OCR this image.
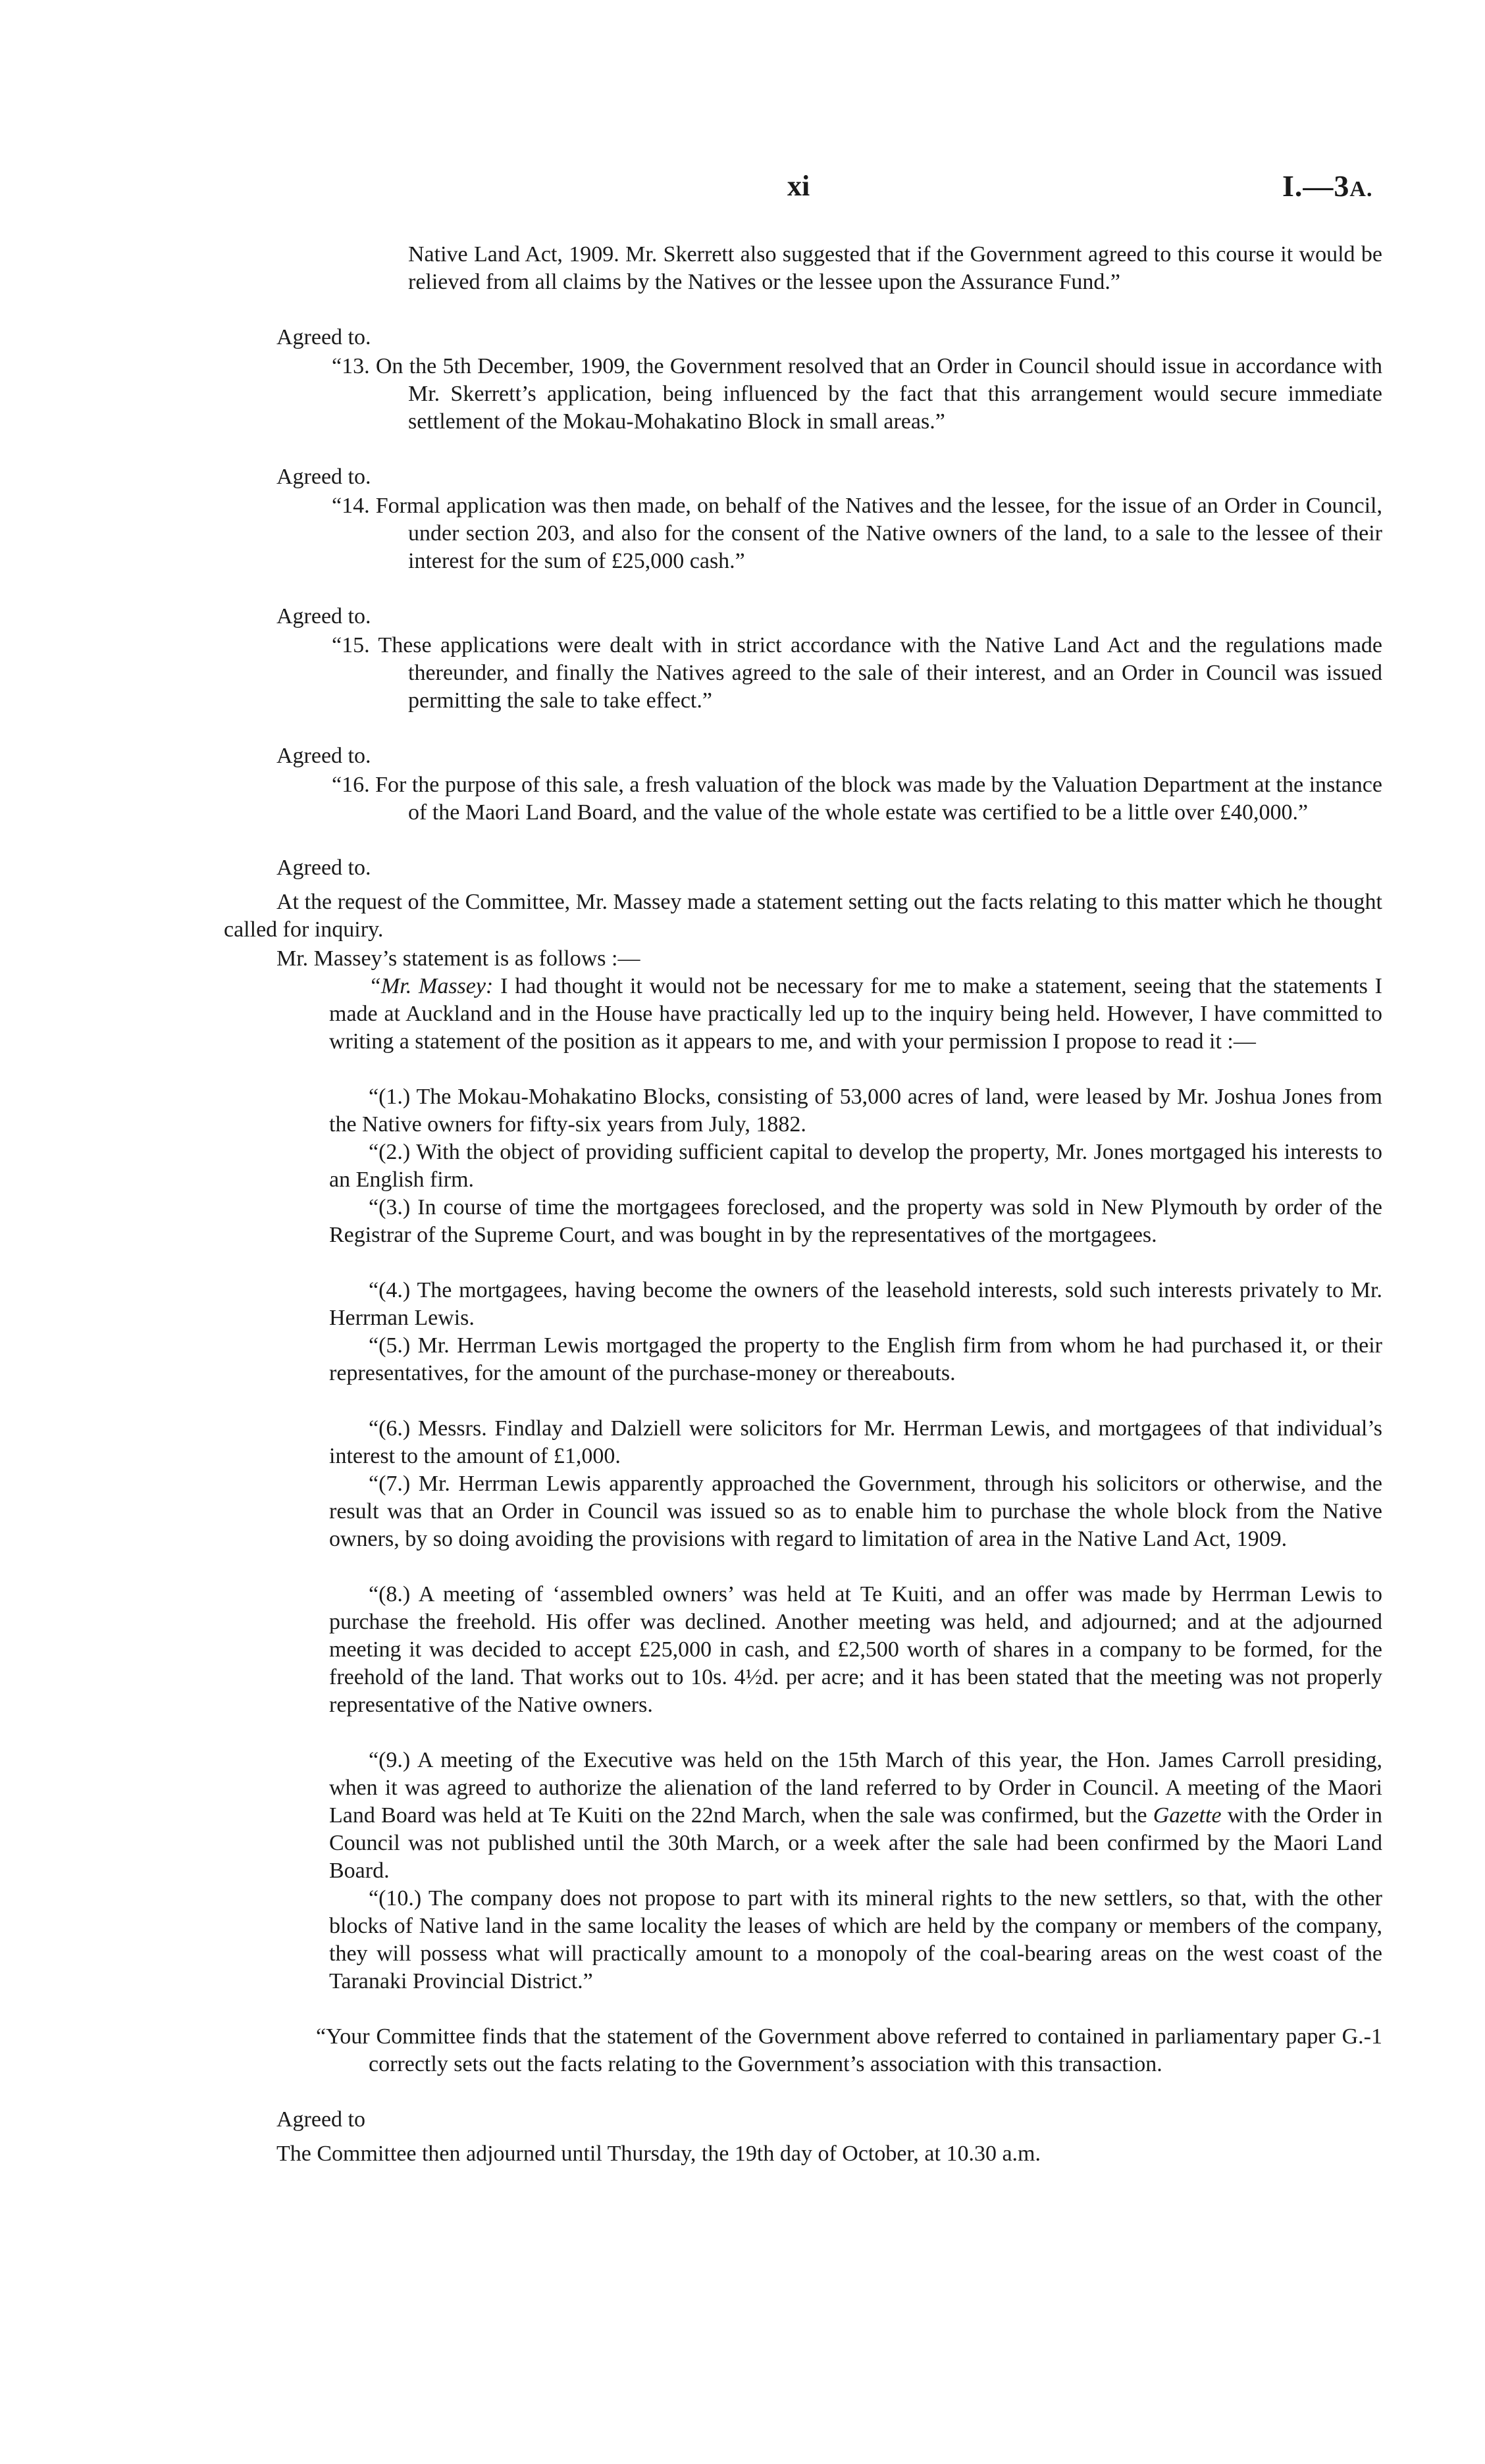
xi	I.—3A.
Native Land Act, 1909. Mr. Skerrett also suggested that if the Government agreed to this course it would be relieved from all claims by the Natives or the lessee upon the Assurance Fund.”
Agreed to.
“13. On the 5th December, 1909, the Government resolved that an Order in Council should issue in accordance with Mr. Skerrett’s application, being influenced by the fact that this arrangement would secure immediate settlement of the Mokau-Mohakatino Block in small areas.”
Agreed to.
“14. Formal application was then made, on behalf of the Natives and the lessee, for the issue of an Order in Council, under section 203, and also for the consent of the Native owners of the land, to a sale to the lessee of their interest for the sum of £25,000 cash.”
Agreed to.
“15. These applications were dealt with in strict accordance with the Native Land Act and the regulations made thereunder, and finally the Natives agreed to the sale of their interest, and an Order in Council was issued permitting the sale to take effect.”
Agreed to.
“16. For the purpose of this sale, a fresh valuation of the block was made by the Valuation Department at the instance of the Maori Land Board, and the value of the whole estate was certified to be a little over £40,000.”
Agreed to.
At the request of the Committee, Mr. Massey made a statement setting out the facts relating to this matter which he thought called for inquiry.
Mr. Massey’s statement is as follows :—
“Mr. Massey: I had thought it would not be necessary for me to make a statement, seeing that the statements I made at Auckland and in the House have practically led up to the inquiry being held. However, I have committed to writing a statement of the position as it appears to me, and with your permission I propose to read it :—
“(1.) The Mokau-Mohakatino Blocks, consisting of 53,000 acres of land, were leased by Mr. Joshua Jones from the Native owners for fifty-six years from July, 1882.
“(2.) With the object of providing sufficient capital to develop the property, Mr. Jones mortgaged his interests to an English firm.
“(3.) In course of time the mortgagees foreclosed, and the property was sold in New Plymouth by order of the Registrar of the Supreme Court, and was bought in by the representatives of the mortgagees.
“(4.) The mortgagees, having become the owners of the leasehold interests, sold such interests privately to Mr. Herrman Lewis.
“(5.) Mr. Herrman Lewis mortgaged the property to the English firm from whom he had purchased it, or their representatives, for the amount of the purchase-money or thereabouts.
“(6.) Messrs. Findlay and Dalziell were solicitors for Mr. Herrman Lewis, and mortgagees of that individual’s interest to the amount of £1,000.
“(7.) Mr. Herrman Lewis apparently approached the Government, through his solicitors or otherwise, and the result was that an Order in Council was issued so as to enable him to purchase the whole block from the Native owners, by so doing avoiding the provisions with regard to limitation of area in the Native Land Act, 1909.
“(8.) A meeting of ‘assembled owners’ was held at Te Kuiti, and an offer was made by Herrman Lewis to purchase the freehold. His offer was declined. Another meeting was held, and adjourned; and at the adjourned meeting it was decided to accept £25,000 in cash, and £2,500 worth of shares in a company to be formed, for the freehold of the land. That works out to 10s. 4½d. per acre; and it has been stated that the meeting was not properly representative of the Native owners.
“(9.) A meeting of the Executive was held on the 15th March of this year, the Hon. James Carroll presiding, when it was agreed to authorize the alienation of the land referred to by Order in Council. A meeting of the Maori Land Board was held at Te Kuiti on the 22nd March, when the sale was confirmed, but the Gazette with the Order in Council was not published until the 30th March, or a week after the sale had been confirmed by the Maori Land Board.
“(10.) The company does not propose to part with its mineral rights to the new settlers, so that, with the other blocks of Native land in the same locality the leases of which are held by the company or members of the company, they will possess what will practically amount to a monopoly of the coal-bearing areas on the west coast of the Taranaki Provincial District.”
“Your Committee finds that the statement of the Government above referred to contained in parliamentary paper G.-1 correctly sets out the facts relating to the Government’s association with this transaction.
Agreed to
The Committee then adjourned until Thursday, the 19th day of October, at 10.30 a.m.
